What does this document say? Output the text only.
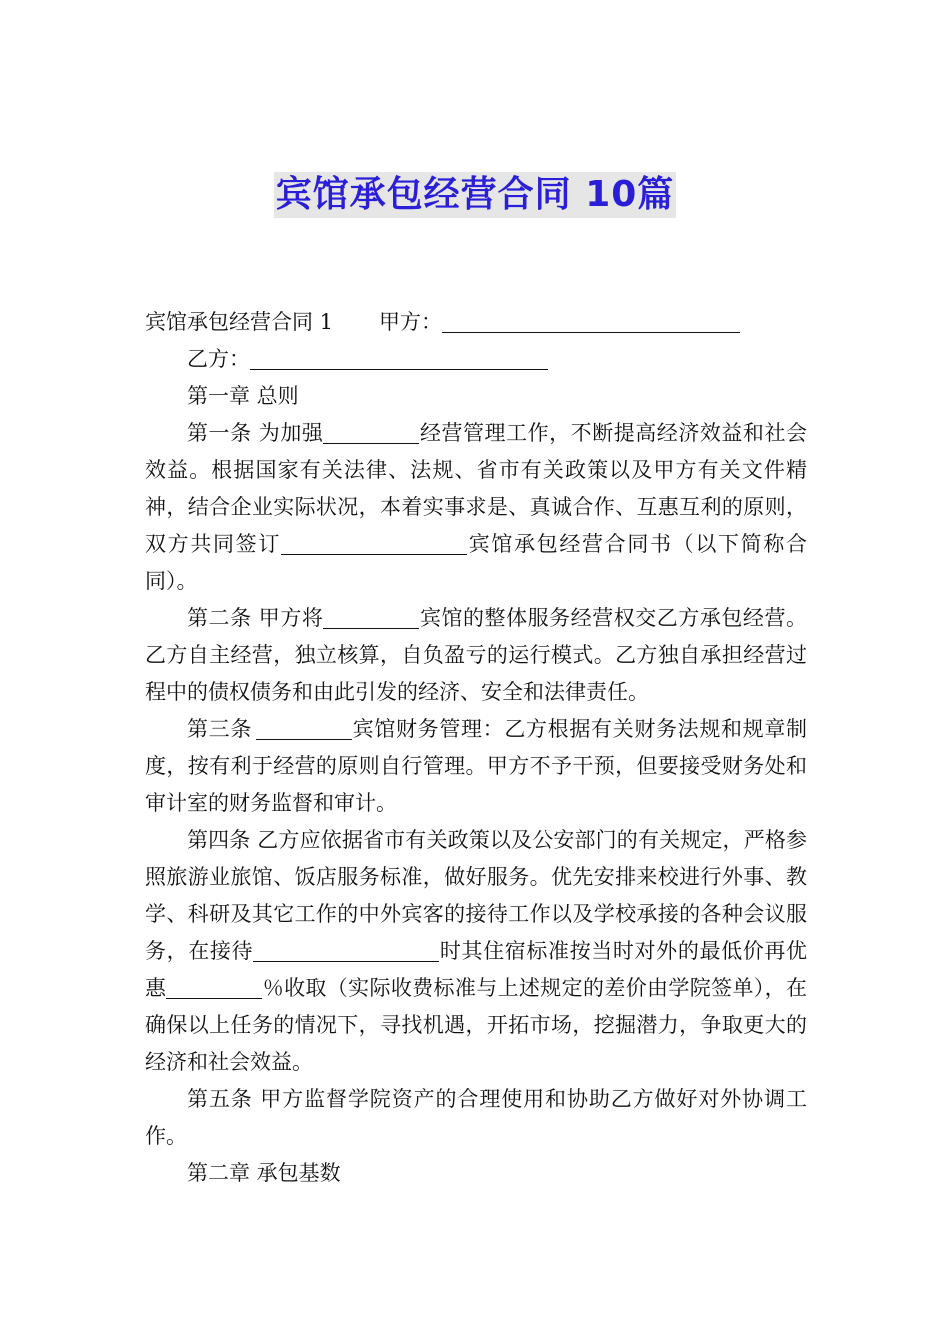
宾馆承包经营合同 10篇
宾馆承包经营合同 1 甲方：
乙方：
第一章 总则

第一条 为加强	经营管理工作，不断提高经济效益和社会效益。根据国家有关法律、法规、省市有关政策以及甲方有关文件精神，结合企业实际状况，本着实事求是、真诚合作、互惠互利的原则，双方共同签订	宾馆承包经营合同书（以下简称合同）。

第二条 甲方将	宾馆的整体服务经营权交乙方承包经营。乙方自主经营，独立核算，自负盈亏的运行模式。乙方独自承担经营过程中的债权债务和由此引发的经济、安全和法律责任。

第三条	宾馆财务管理：乙方根据有关财务法规和规章制度，按有利于经营的原则自行管理。甲方不予干预，但要接受财务处和审计室的财务监督和审计。

第四条 乙方应依据省市有关政策以及公安部门的有关规定，严格参照旅游业旅馆、饭店服务标准，做好服务。优先安排来校进行外事、教学、科研及其它工作的中外宾客的接待工作以及学校承接的各种会议服务，在接待	时其住宿标准按当时对外的最低价再优惠	％收取（实际收费标准与上述规定的差价由学院签单），在确保以上任务的情况下，寻找机遇，开拓市场，挖掘潜力，争取更大的经济和社会效益。

第五条 甲方监督学院资产的合理使用和协助乙方做好对外协调工作。

第二章 承包基数
